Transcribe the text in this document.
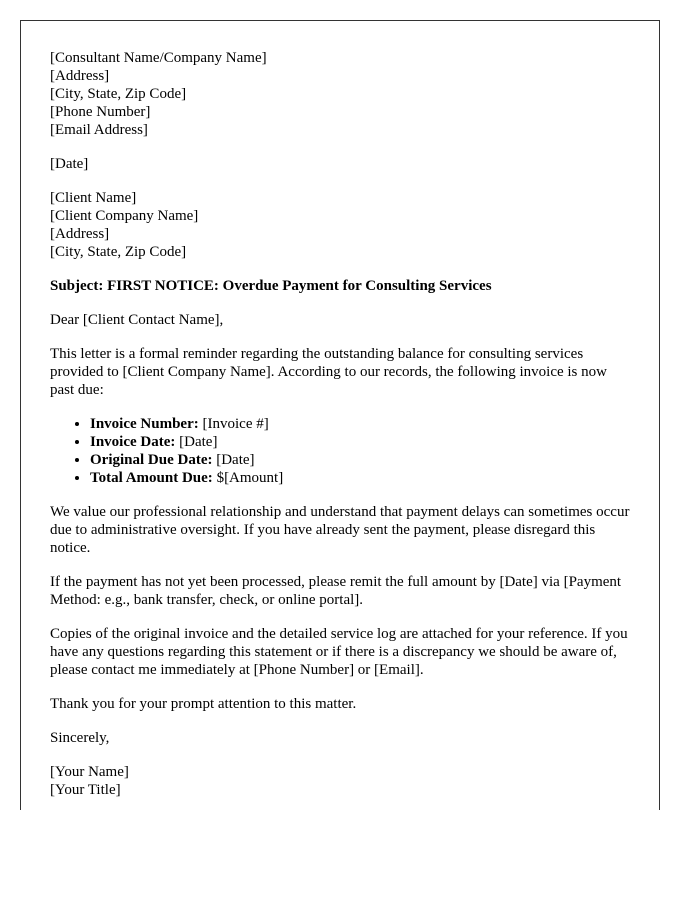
[Consultant Name/Company Name]
[Address]
[City, State, Zip Code]
[Phone Number]
[Email Address]

[Date]

[Client Name]
[Client Company Name]
[Address]
[City, State, Zip Code]

Subject: FIRST NOTICE: Overdue Payment for Consulting Services

Dear [Client Contact Name],

This letter is a formal reminder regarding the outstanding balance for consulting services provided to [Client Company Name]. According to our records, the following invoice is now past due:

• Invoice Number: [Invoice #]
• Invoice Date: [Date]
• Original Due Date: [Date]
• Total Amount Due: $[Amount]

We value our professional relationship and understand that payment delays can sometimes occur due to administrative oversight. If you have already sent the payment, please disregard this notice.

If the payment has not yet been processed, please remit the full amount by [Date] via [Payment Method: e.g., bank transfer, check, or online portal].

Copies of the original invoice and the detailed service log are attached for your reference. If you have any questions regarding this statement or if there is a discrepancy we should be aware of, please contact me immediately at [Phone Number] or [Email].

Thank you for your prompt attention to this matter.

Sincerely,

[Your Name]
[Your Title]
